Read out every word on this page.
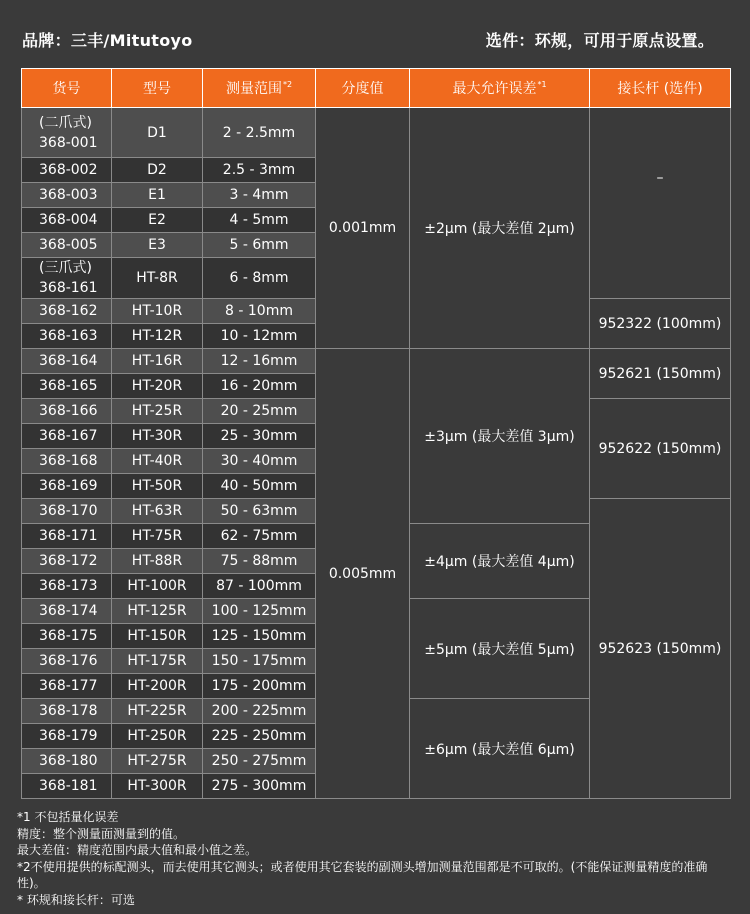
品牌：三丰/Mitutoyo	选件：环规，可用于原点设置。
货号	型号	测量范围$^{*2}$	分度值	最大允许误差$^{*1}$	接长杆 (选件)

(二爪式)
368-001	D1	2 - 2.5mm	0.001mm	±2μm (最大差值 2μm)	–
368-002	D2	2.5 - 3mm			
368-003	E1	3 - 4mm			
368-004	E2	4 - 5mm			
368-005	E3	5 - 6mm			

(三爪式)
368-161	HT-8R	6 - 8mm			
368-162	HT-10R	8 - 10mm			952322 (100mm)
368-163	HT-12R	10 - 12mm			
368-164	HT-16R	12 - 16mm	0.005mm	±3μm (最大差值 3μm)	952621 (150mm)
368-165	HT-20R	16 - 20mm			
368-166	HT-25R	20 - 25mm			952622 (150mm)
368-167	HT-30R	25 - 30mm			
368-168	HT-40R	30 - 40mm			
368-169	HT-50R	40 - 50mm			
368-170	HT-63R	50 - 63mm			952623 (150mm)
368-171	HT-75R	62 - 75mm		±4μm (最大差值 4μm)	
368-172	HT-88R	75 - 88mm			
368-173	HT-100R	87 - 100mm			
368-174	HT-125R	100 - 125mm		±5μm (最大差值 5μm)	
368-175	HT-150R	125 - 150mm			
368-176	HT-175R	150 - 175mm			
368-177	HT-200R	175 - 200mm			
368-178	HT-225R	200 - 225mm		±6μm (最大差值 6μm)	
368-179	HT-250R	225 - 250mm			
368-180	HT-275R	250 - 275mm			
368-181	HT-300R	275 - 300mm			
*1 不包括量化误差
精度：整个测量面测量到的值。
最大差值：精度范围内最大值和最小值之差。
*2不使用提供的标配测头，而去使用其它测头；或者使用其它套装的副测头增加测量范围都是不可取的。(不能保证测量精度的准确性)。
* 环规和接长杆：可选
